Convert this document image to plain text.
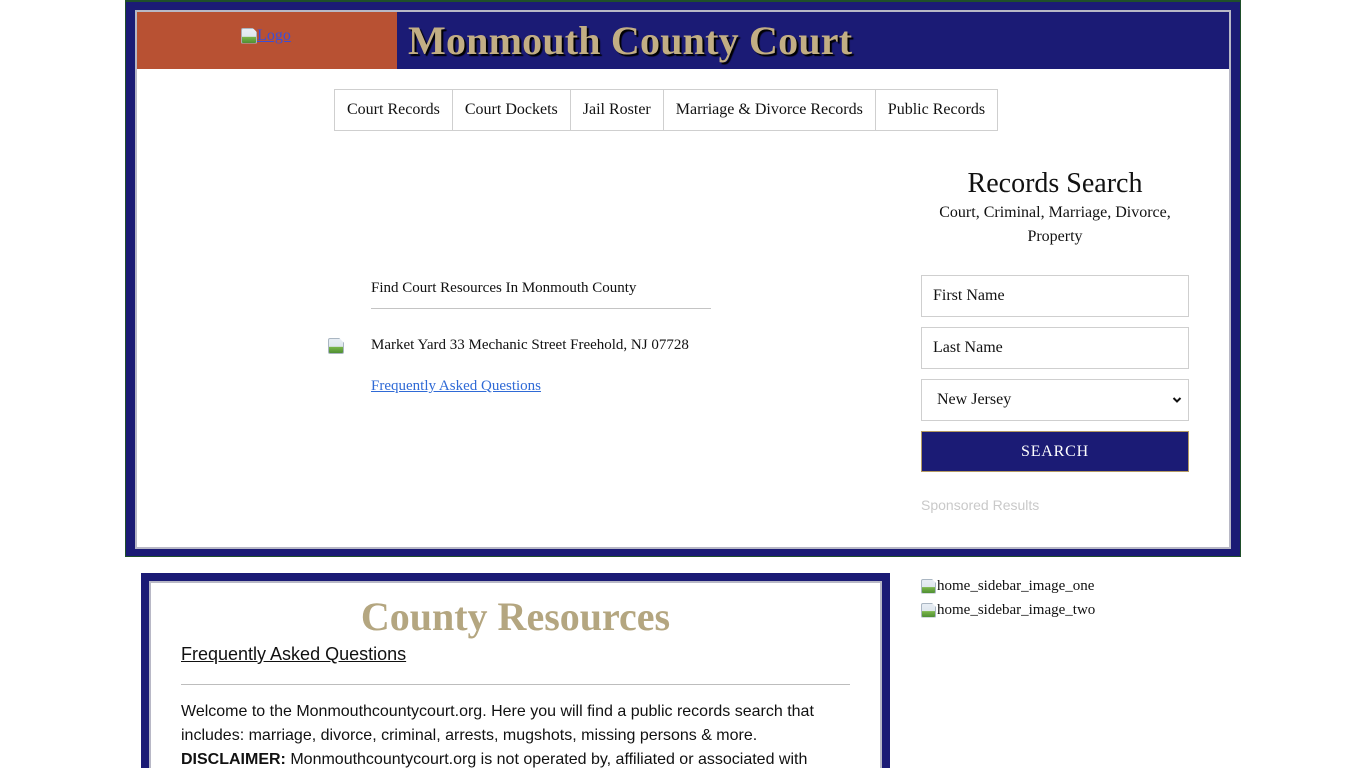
Logo	Monmouth County Court
Court Records	Court Dockets	Jail Roster	Marriage & Divorce Records	Public Records
Find Court Resources In Monmouth County
Market Yard 33 Mechanic Street Freehold, NJ 07728
Frequently Asked Questions
Records Search
Court, Criminal, Marriage, Divorce, Property
First Name
Last Name
New Jersey
SEARCH
Sponsored Results
County Resources
Frequently Asked Questions
Welcome to the Monmouthcountycourt.org. Here you will find a public records search that includes: marriage, divorce, criminal, arrests, mugshots, missing persons & more. DISCLAIMER: Monmouthcountycourt.org is not operated by, affiliated or associated with
home_sidebar_image_one
home_sidebar_image_two
